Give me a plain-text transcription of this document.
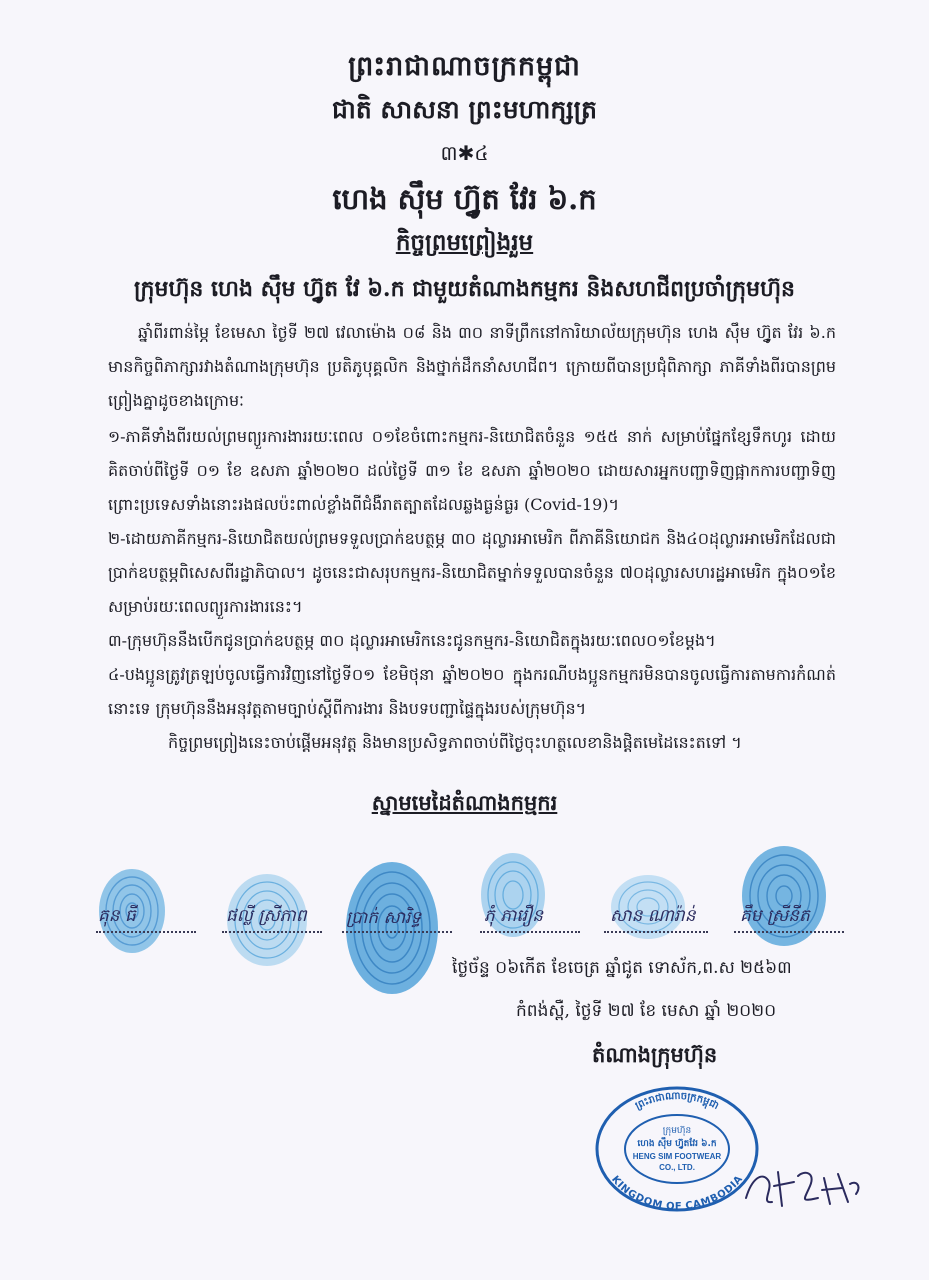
ព្រះរាជាណាចក្រកម្ពុជា
ជាតិ សាសនា ព្រះមហាក្សត្រ
៣✱៤
ហេង ស៊ឹម ហ្វ៊ូត វែរ ៦.ក
កិច្ចព្រមព្រៀងរួម
ក្រុមហ៊ុន ហេង ស៊ឹម ហ្វ៊ូត វែ ៦.ក ជាមួយតំណាងកម្មករ និងសហជីពប្រចាំក្រុមហ៊ុន
ឆ្នាំពីរពាន់ម្ភៃ ខែមេសា ថ្ងៃទី ២៧ វេលាម៉ោង ០៨ និង ៣០ នាទីព្រឹកនៅការិយាល័យក្រុមហ៊ុន ហេង ស៊ឹម ហ្វ៊ូត វែរ ៦.ក មានកិច្ចពិភាក្សារវាងតំណាងក្រុមហ៊ុន ប្រតិភូបុគ្គលិក និងថ្នាក់ដឹកនាំសហជីព។ ក្រោយពីបានប្រជុំពិភាក្សា ភាគីទាំងពីរបានព្រមព្រៀងគ្នាដូចខាងក្រោមៈ
១-ភាគីទាំងពីរយល់ព្រមព្យួរការងាររយៈពេល ០១ខែចំពោះកម្មករ-និយោជិតចំនួន ១៥៥ នាក់ សម្រាប់ផ្នែកខ្សែទឹកហូរ ដោយគិតចាប់ពីថ្ងៃទី ០១ ខែ ឧសភា ឆ្នាំ២០២០ ដល់ថ្ងៃទី ៣១ ខែ ឧសភា ឆ្នាំ២០២០ ដោយសារអ្នកបញ្ជាទិញផ្អាកការបញ្ជាទិញ ព្រោះប្រទេសទាំងនោះរងផលប៉ះពាល់ខ្លាំងពីជំងឺរាតត្បាតដែលឆ្លងធ្ងន់ធ្ងរ (Covid-19)។
២-ដោយភាគីកម្មករ-និយោជិតយល់ព្រមទទួលប្រាក់ឧបត្ថម្ភ ៣០ ដុល្លារអាមេរិក ពីភាគីនិយោជក និង៤០ដុល្លារអាមេរិកដែលជាប្រាក់ឧបត្ថម្ភពិសេសពីរដ្ឋាភិបាល។ ដូចនេះជាសរុបកម្មករ-និយោជិតម្នាក់ទទួលបានចំនួន ៧០ដុល្លារសហរដ្ឋអាមេរិក ក្នុង០១ខែ សម្រាប់រយៈពេលព្យួរការងារនេះ។
៣-ក្រុមហ៊ុននឹងបើកជូនប្រាក់ឧបត្ថម្ភ ៣០ ដុល្លារអាមេរិកនេះជូនកម្មករ-និយោជិតក្នុងរយៈពេល០១ខែម្តង។
៤-បងប្អូនត្រូវត្រឡប់ចូលធ្វើការវិញនៅថ្ងៃទី០១ ខែមិថុនា ឆ្នាំ២០២០ ក្នុងករណីបងប្អូនកម្មករមិនបានចូលធ្វើការតាមការកំណត់នោះទេ ក្រុមហ៊ុននឹងអនុវត្តតាមច្បាប់ស្តីពីការងារ និងបទបញ្ជាផ្ទៃក្នុងរបស់ក្រុមហ៊ុន។
កិច្ចព្រមព្រៀងនេះចាប់ផ្តើមអនុវត្ត និងមានប្រសិទ្ធភាពចាប់ពីថ្ងៃចុះហត្ថលេខានិងផ្តិតមេដៃនេះតទៅ ។
ស្នាមមេដៃតំណាងកម្មករ
គុន ធី	ផល្លី ស្រីភាព ប្រាក់ សារិទ្ធ	ភុំ ភារឿន	សាន ណារ៉ាន់	គឹម ស្រីនីត
ថ្ងៃច័ន្ទ ០៦កើត ខែចេត្រ ឆ្នាំជូត ទោស័ក,ព.ស ២៥៦៣
កំពង់ស្ពឺ, ថ្ងៃទី ២៧ ខែ មេសា ឆ្នាំ ២០២០
តំណាងក្រុមហ៊ុន
ព្រះរាជាណាចក្រកម្ពុជា
KINGDOM OF CAMBODIA
ក្រុមហ៊ុន
ហេង ស៊ឹម ហ្វ៊ូតវែរ ៦.ក
HENG SIM FOOTWEAR
CO., LTD.
